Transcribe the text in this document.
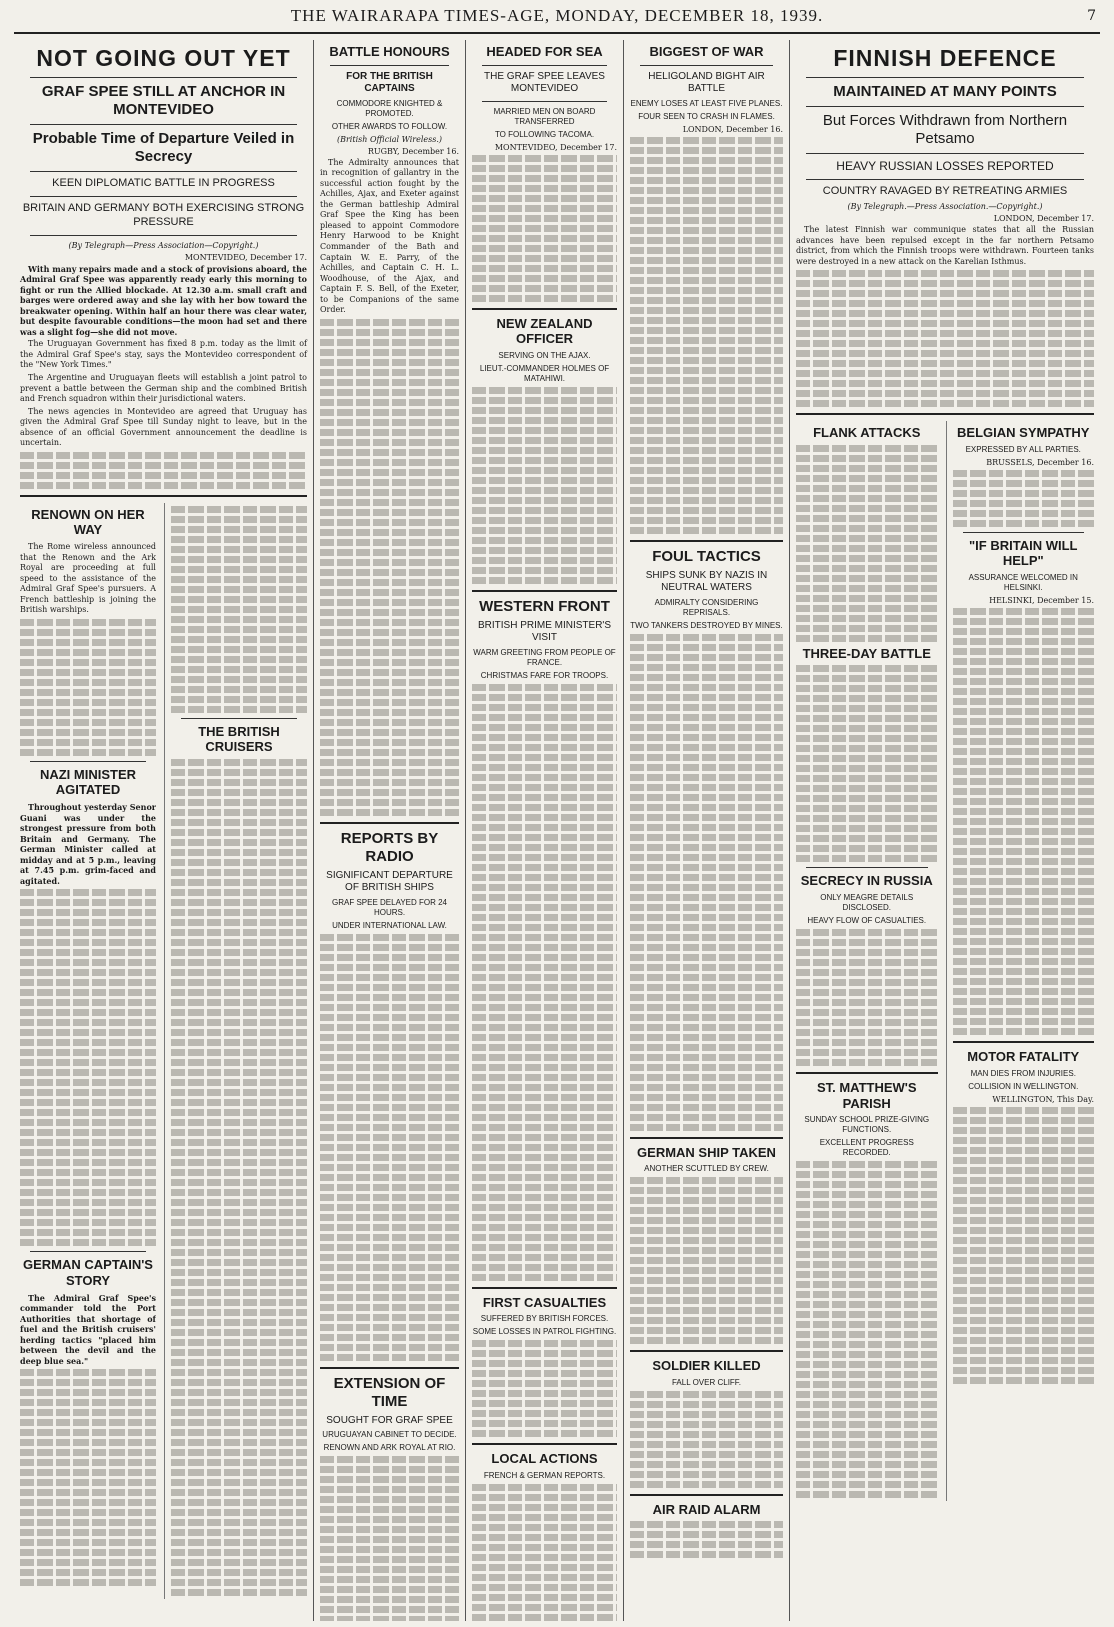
THE WAIRARAPA TIMES-AGE, MONDAY, DECEMBER 18, 1939.	7
NOT GOING OUT YET
GRAF SPEE STILL AT ANCHOR IN MONTEVIDEO
Probable Time of Departure Veiled in Secrecy
KEEN DIPLOMATIC BATTLE IN PROGRESS
BRITAIN AND GERMANY BOTH EXERCISING STRONG PRESSURE
(By Telegraph—Press Association—Copyright.)
MONTEVIDEO, December 17.

With many repairs made and a stock of provisions aboard, the Admiral Graf Spee was apparently ready early this morning to fight or run the Allied blockade. At 12.30 a.m. small craft and barges were ordered away and she lay with her bow toward the breakwater opening. Within half an hour there was clear water, but despite favourable conditions—the moon had set and there was a slight fog—she did not move.

The Uruguayan Government has fixed 8 p.m. today as the limit of the Admiral Graf Spee's stay, says the Montevideo correspondent of the "New York Times."

The Argentine and Uruguayan fleets will establish a joint patrol to prevent a battle between the German ship and the combined British and French squadron within their jurisdictional waters.

The news agencies in Montevideo are agreed that Uruguay has given the Admiral Graf Spee till Sunday night to leave, but in the absence of an official Government announcement the deadline is uncertain.

RENOWN ON HER WAY

The Rome wireless announced that the Renown and the Ark Royal are proceeding at full speed to the assistance of the Admiral Graf Spee's pursuers. A French battleship is joining the British warships.

NAZI MINISTER AGITATED

Throughout yesterday Senor Guani was under the strongest pressure from both Britain and Germany. The German Minister called at midday and at 5 p.m., leaving at 7.45 p.m. grim-faced and agitated.

GERMAN CAPTAIN'S STORY

The Admiral Graf Spee's commander told the Port Authorities that shortage of fuel and the British cruisers' herding tactics "placed him between the devil and the deep blue sea."

THE BRITISH CRUISERS
BATTLE HONOURS
FOR THE BRITISH CAPTAINS
COMMODORE KNIGHTED & PROMOTED.
OTHER AWARDS TO FOLLOW.
(British Official Wireless.)
RUGBY, December 16.

The Admiralty announces that in recognition of gallantry in the successful action fought by the Achilles, Ajax, and Exeter against the German battleship Admiral Graf Spee the King has been pleased to appoint Commodore Henry Harwood to be Knight Commander of the Bath and Captain W. E. Parry, of the Achilles, and Captain C. H. L. Woodhouse, of the Ajax, and Captain F. S. Bell, of the Exeter, to be Companions of the same Order.

REPORTS BY RADIO
SIGNIFICANT DEPARTURE OF BRITISH SHIPS
GRAF SPEE DELAYED FOR 24 HOURS.
UNDER INTERNATIONAL LAW.
EXTENSION OF TIME
SOUGHT FOR GRAF SPEE
URUGUAYAN CABINET TO DECIDE.
RENOWN AND ARK ROYAL AT RIO.
HEADED FOR SEA
THE GRAF SPEE LEAVES MONTEVIDEO
MARRIED MEN ON BOARD TRANSFERRED
TO FOLLOWING TACOMA.
MONTEVIDEO, December 17.
NEW ZEALAND OFFICER
SERVING ON THE AJAX.
LIEUT.-COMMANDER HOLMES OF MATAHIWI.
WESTERN FRONT
BRITISH PRIME MINISTER'S VISIT
WARM GREETING FROM PEOPLE OF FRANCE.
CHRISTMAS FARE FOR TROOPS.
FIRST CASUALTIES
SUFFERED BY BRITISH FORCES.
SOME LOSSES IN PATROL FIGHTING.
LOCAL ACTIONS
FRENCH & GERMAN REPORTS.
BIGGEST OF WAR
HELIGOLAND BIGHT AIR BATTLE
ENEMY LOSES AT LEAST FIVE PLANES.
FOUR SEEN TO CRASH IN FLAMES.
LONDON, December 16.
FOUL TACTICS
SHIPS SUNK BY NAZIS IN NEUTRAL WATERS
ADMIRALTY CONSIDERING REPRISALS.
TWO TANKERS DESTROYED BY MINES.
GERMAN SHIP TAKEN
ANOTHER SCUTTLED BY CREW.
SOLDIER KILLED
FALL OVER CLIFF.
AIR RAID ALARM
FINNISH DEFENCE
MAINTAINED AT MANY POINTS
But Forces Withdrawn from Northern Petsamo
HEAVY RUSSIAN LOSSES REPORTED
COUNTRY RAVAGED BY RETREATING ARMIES
(By Telegraph.—Press Association.—Copyright.)
LONDON, December 17.

The latest Finnish war communique states that all the Russian advances have been repulsed except in the far northern Petsamo district, from which the Finnish troops were withdrawn. Fourteen tanks were destroyed in a new attack on the Karelian Isthmus.

FLANK ATTACKS
THREE-DAY BATTLE
SECRECY IN RUSSIA
ONLY MEAGRE DETAILS DISCLOSED.
HEAVY FLOW OF CASUALTIES.
ST. MATTHEW'S PARISH
SUNDAY SCHOOL PRIZE-GIVING FUNCTIONS.
EXCELLENT PROGRESS RECORDED.
BELGIAN SYMPATHY
EXPRESSED BY ALL PARTIES.
BRUSSELS, December 16.
"IF BRITAIN WILL HELP"
ASSURANCE WELCOMED IN HELSINKI.
HELSINKI, December 15.
MOTOR FATALITY
MAN DIES FROM INJURIES.
COLLISION IN WELLINGTON.
WELLINGTON, This Day.
